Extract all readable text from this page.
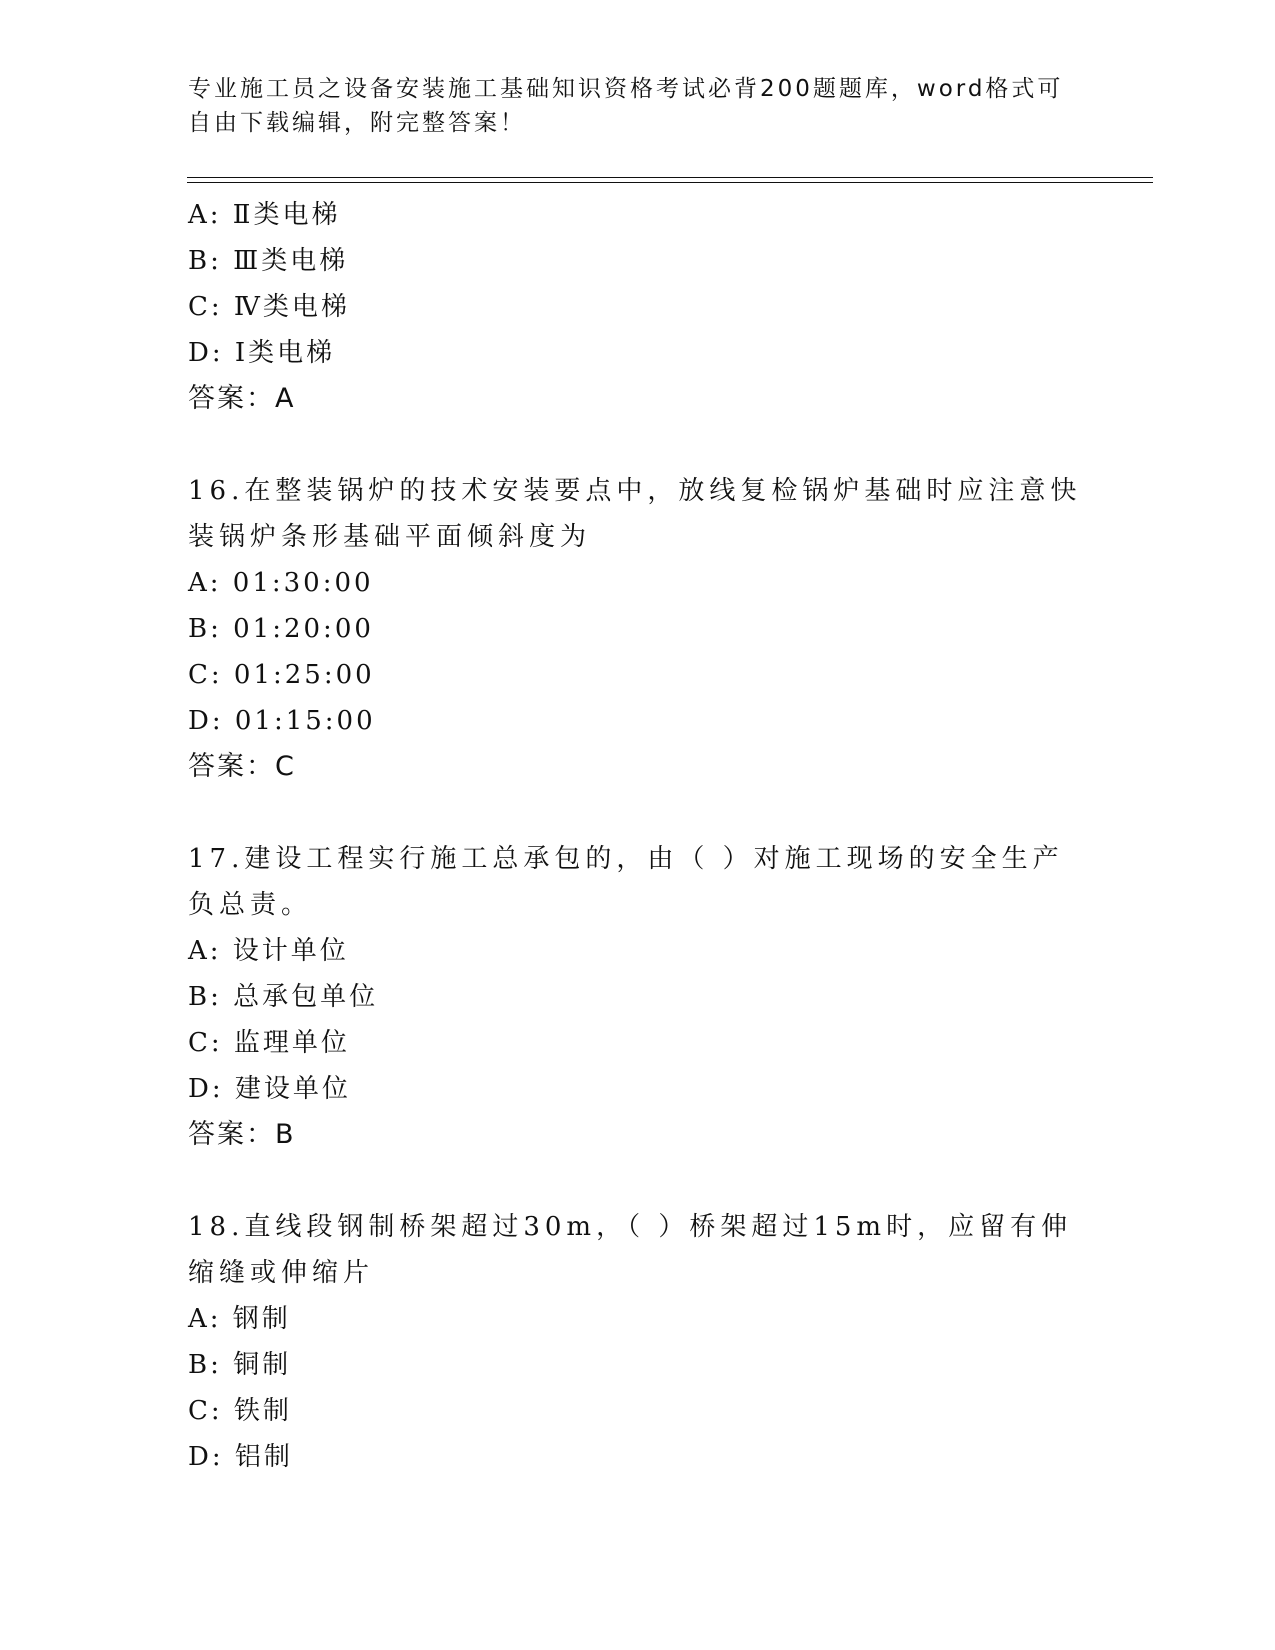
专业施工员之设备安装施工基础知识资格考试必背200题题库，word格式可自由下载编辑，附完整答案！
A: Ⅱ类电梯
B: Ⅲ类电梯
C: Ⅳ类电梯
D: Ⅰ类电梯
答案：A
16.在整装锅炉的技术安装要点中，放线复检锅炉基础时应注意快装锅炉条形基础平面倾斜度为
A: 01:30:00
B: 01:20:00
C: 01:25:00
D: 01:15:00
答案：C
17.建设工程实行施工总承包的，由（ ）对施工现场的安全生产负总责。
A: 设计单位
B: 总承包单位
C: 监理单位
D: 建设单位
答案：B
18.直线段钢制桥架超过30m，（ ）桥架超过15m时，应留有伸缩缝或伸缩片
A: 钢制
B: 铜制
C: 铁制
D: 铝制
